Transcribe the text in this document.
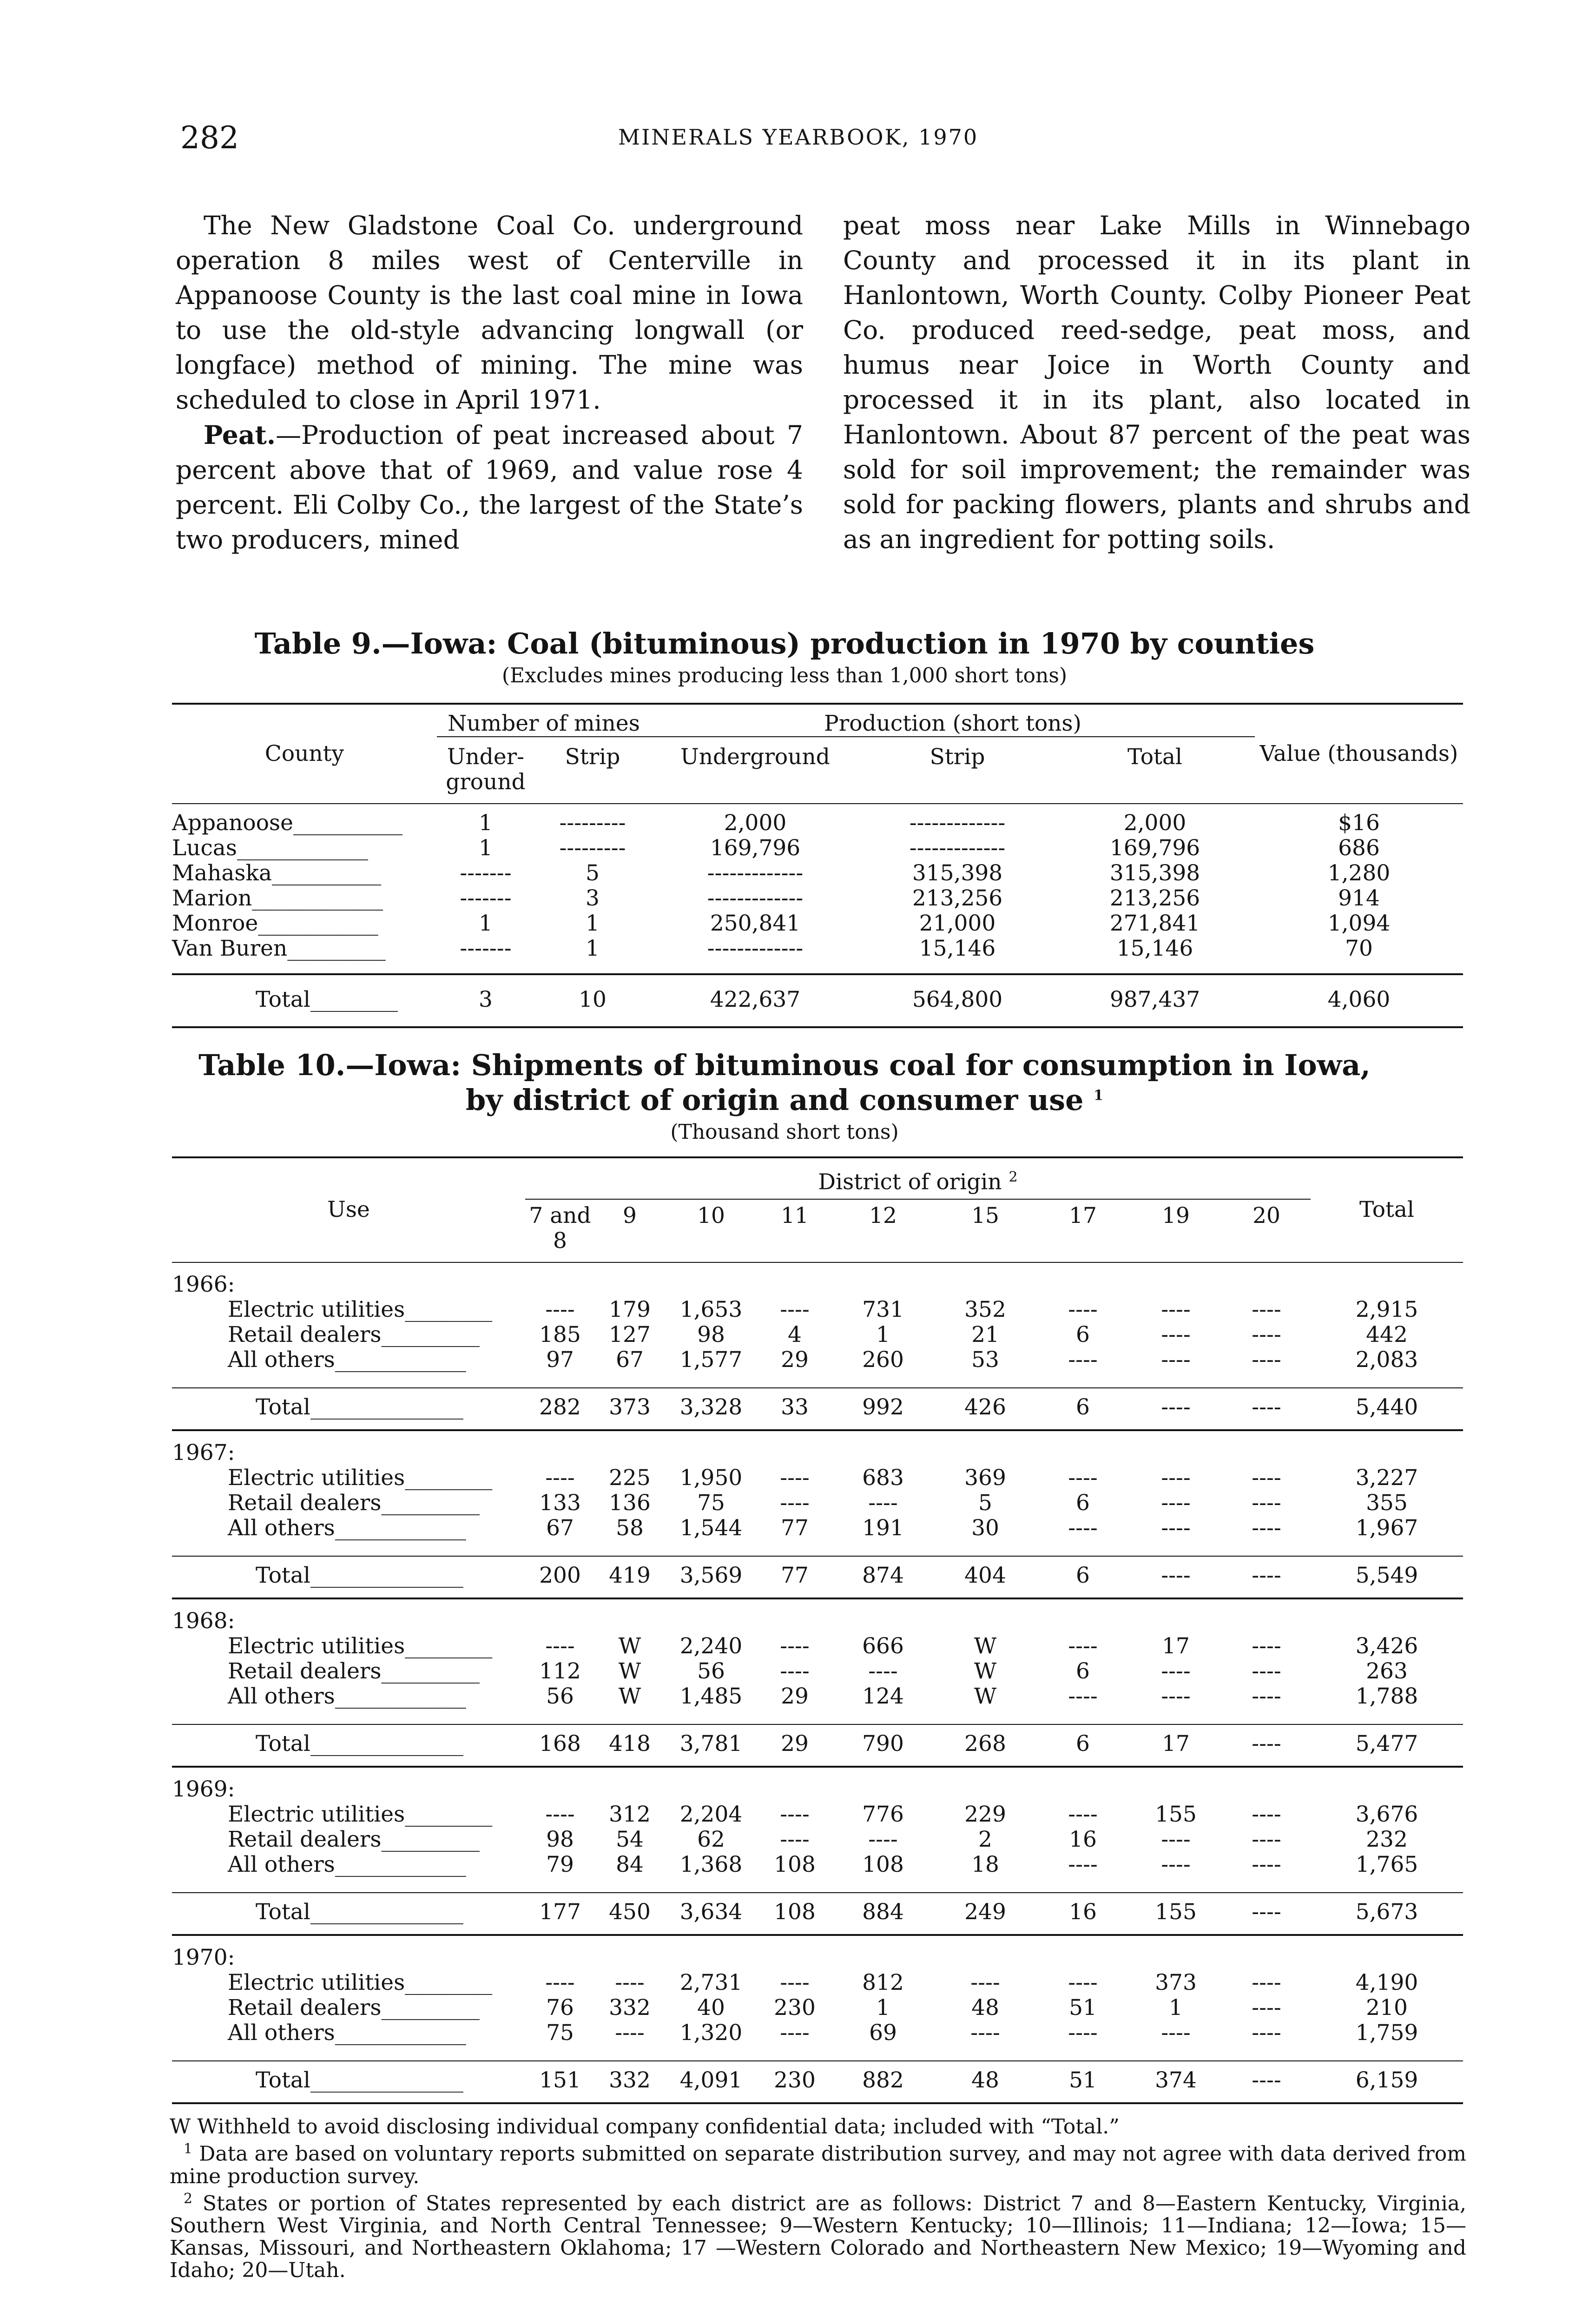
282	MINERALS YEARBOOK, 1970

The New Gladstone Coal Co. underground operation 8 miles west of Centerville in Appanoose County is the last coal mine in Iowa to use the old-style advancing longwall (or longface) method of mining. The mine was scheduled to close in April 1971.

Peat.—Production of peat increased about 7 percent above that of 1969, and value rose 4 percent. Eli Colby Co., the largest of the State’s two producers, mined

peat moss near Lake Mills in Winnebago County and processed it in its plant in Hanlontown, Worth County. Colby Pioneer Peat Co. produced reed-sedge, peat moss, and humus near Joice in Worth County and processed it in its plant, also located in Hanlontown. About 87 percent of the peat was sold for soil improvement; the remainder was sold for packing flowers, plants and shrubs and as an ingredient for potting soils.

Table 9.—Iowa: Coal (bituminous) production in 1970 by counties
(Excludes mines producing less than 1,000 short tons)
County	Number of mines		Production (short tons)			Value (thousands)
	Under- ground	Strip	Underground	Strip	Total	
Appanoose__________	1	---------	2,000	-------------	2,000	$16
Lucas____________	1	---------	169,796	-------------	169,796	686
Mahaska__________	-------	5	-------------	315,398	315,398	1,280
Marion____________	-------	3	-------------	213,256	213,256	914
Monroe___________	1	1	250,841	21,000	271,841	1,094
Van Buren_________	-------	1	-------------	15,146	15,146	70
Total________	3	10	422,637	564,800	987,437	4,060
Table 10.—Iowa: Shipments of bituminous coal for consumption in Iowa,
by district of origin and consumer use $^1$
(Thousand short tons)
Use	District of origin $^2$									Total
	7 and 8	9	10	11	12	15	17	19	20	
1966:										
Electric utilities________	----	179	1,653	----	731	352	----	----	----	2,915
Retail dealers_________	185	127	98	4	1	21	6	----	----	442
All others____________	97	67	1,577	29	260	53	----	----	----	2,083
Total______________	282	373	3,328	33	992	426	6	----	----	5,440
1967:										
Electric utilities________	----	225	1,950	----	683	369	----	----	----	3,227
Retail dealers_________	133	136	75	----	----	5	6	----	----	355
All others____________	67	58	1,544	77	191	30	----	----	----	1,967
Total______________	200	419	3,569	77	874	404	6	----	----	5,549
1968:										
Electric utilities________	----	W	2,240	----	666	W	----	17	----	3,426
Retail dealers_________	112	W	56	----	----	W	6	----	----	263
All others____________	56	W	1,485	29	124	W	----	----	----	1,788
Total______________	168	418	3,781	29	790	268	6	17	----	5,477
1969:										
Electric utilities________	----	312	2,204	----	776	229	----	155	----	3,676
Retail dealers_________	98	54	62	----	----	2	16	----	----	232
All others____________	79	84	1,368	108	108	18	----	----	----	1,765
Total______________	177	450	3,634	108	884	249	16	155	----	5,673
1970:										
Electric utilities________	----	----	2,731	----	812	----	----	373	----	4,190
Retail dealers_________	76	332	40	230	1	48	51	1	----	210
All others____________	75	----	1,320	----	69	----	----	----	----	1,759
Total______________	151	332	4,091	230	882	48	51	374	----	6,159

W Withheld to avoid disclosing individual company confidential data; included with “Total.”

$^1$ Data are based on voluntary reports submitted on separate distribution survey, and may not agree with data derived from mine production survey.

$^2$ States or portion of States represented by each district are as follows: District 7 and 8—Eastern Kentucky, Virginia, Southern West Virginia, and North Central Tennessee; 9—Western Kentucky; 10—Illinois; 11—Indiana; 12—Iowa; 15—Kansas, Missouri, and Northeastern Oklahoma; 17 —Western Colorado and Northeastern New Mexico; 19—Wyoming and Idaho; 20—Utah.
